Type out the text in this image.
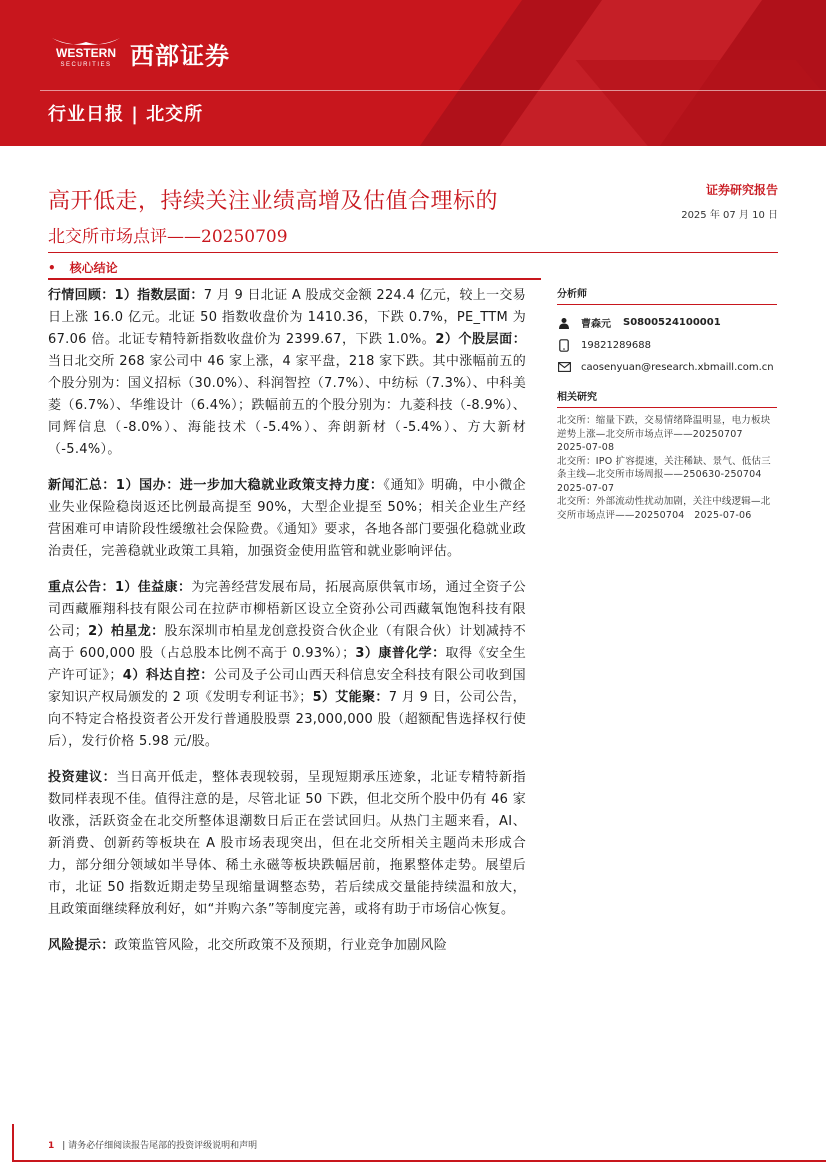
WESTERN
SECURITIES 西部证券
行业日报 | 北交所
高开低走，持续关注业绩高增及估值合理标的
北交所市场点评——20250709
证券研究报告
2025 年 07 月 10 日
• 核心结论

行情回顾：1）指数层面：7 月 9 日北证 A 股成交金额 224.4 亿元，较上一交易日上涨 16.0 亿元。北证 50 指数收盘价为 1410.36，下跌 0.7%，PE_TTM 为 67.06 倍。北证专精特新指数收盘价为 2399.67，下跌 1.0%。2）个股层面：当日北交所 268 家公司中 46 家上涨，4 家平盘，218 家下跌。其中涨幅前五的个股分别为：国义招标（30.0%）、科润智控（7.7%）、中纺标（7.3%）、中科美菱（6.7%）、华维设计（6.4%）；跌幅前五的个股分别为：九菱科技（-8.9%）、同辉信息（-8.0%）、海能技术（-5.4%）、奔朗新材（-5.4%）、方大新材（-5.4%）。

新闻汇总：1）国办：进一步加大稳就业政策支持力度：《通知》明确，中小微企业失业保险稳岗返还比例最高提至 90%，大型企业提至 50%；相关企业生产经营困难可申请阶段性缓缴社会保险费。《通知》要求，各地各部门要强化稳就业政治责任，完善稳就业政策工具箱，加强资金使用监管和就业影响评估。

重点公告：1）佳益康：为完善经营发展布局，拓展高原供氧市场，通过全资子公司西藏雁翔科技有限公司在拉萨市柳梧新区设立全资孙公司西藏氧饱饱科技有限公司；2）柏星龙：股东深圳市柏星龙创意投资合伙企业（有限合伙）计划减持不高于 600,000 股（占总股本比例不高于 0.93%）；3）康普化学：取得《安全生产许可证》；4）科达自控：公司及子公司山西天科信息安全科技有限公司收到国家知识产权局颁发的 2 项《发明专利证书》；5）艾能聚：7 月 9 日，公司公告，向不特定合格投资者公开发行普通股股票 23,000,000 股（超额配售选择权行使后），发行价格 5.98 元/股。

投资建议：当日高开低走，整体表现较弱，呈现短期承压迹象，北证专精特新指数同样表现不佳。值得注意的是，尽管北证 50 下跌，但北交所个股中仍有 46 家收涨，活跃资金在北交所整体退潮数日后正在尝试回归。从热门主题来看，AI、新消费、创新药等板块在 A 股市场表现突出，但在北交所相关主题尚未形成合力，部分细分领域如半导体、稀土永磁等板块跌幅居前，拖累整体走势。展望后市，北证 50 指数近期走势呈现缩量调整态势，若后续成交量能持续温和放大，且政策面继续释放利好，如“并购六条”等制度完善，或将有助于市场信心恢复。

风险提示：政策监管风险，北交所政策不及预期，行业竞争加剧风险

分析师
曹森元 S0800524100001
19821289688
caosenyuan@research.xbmaill.com.cn
相关研究
北交所：缩量下跌，交易情绪降温明显，电力板块逆势上涨—北交所市场点评——20250707　2025-07-08
北交所：IPO 扩容提速，关注稀缺、景气、低估三条主线—北交所市场周报——250630-250704　2025-07-07
北交所：外部流动性扰动加剧，关注中线逻辑—北交所市场点评——20250704　2025-07-06
1 | 请务必仔细阅读报告尾部的投资评级说明和声明
